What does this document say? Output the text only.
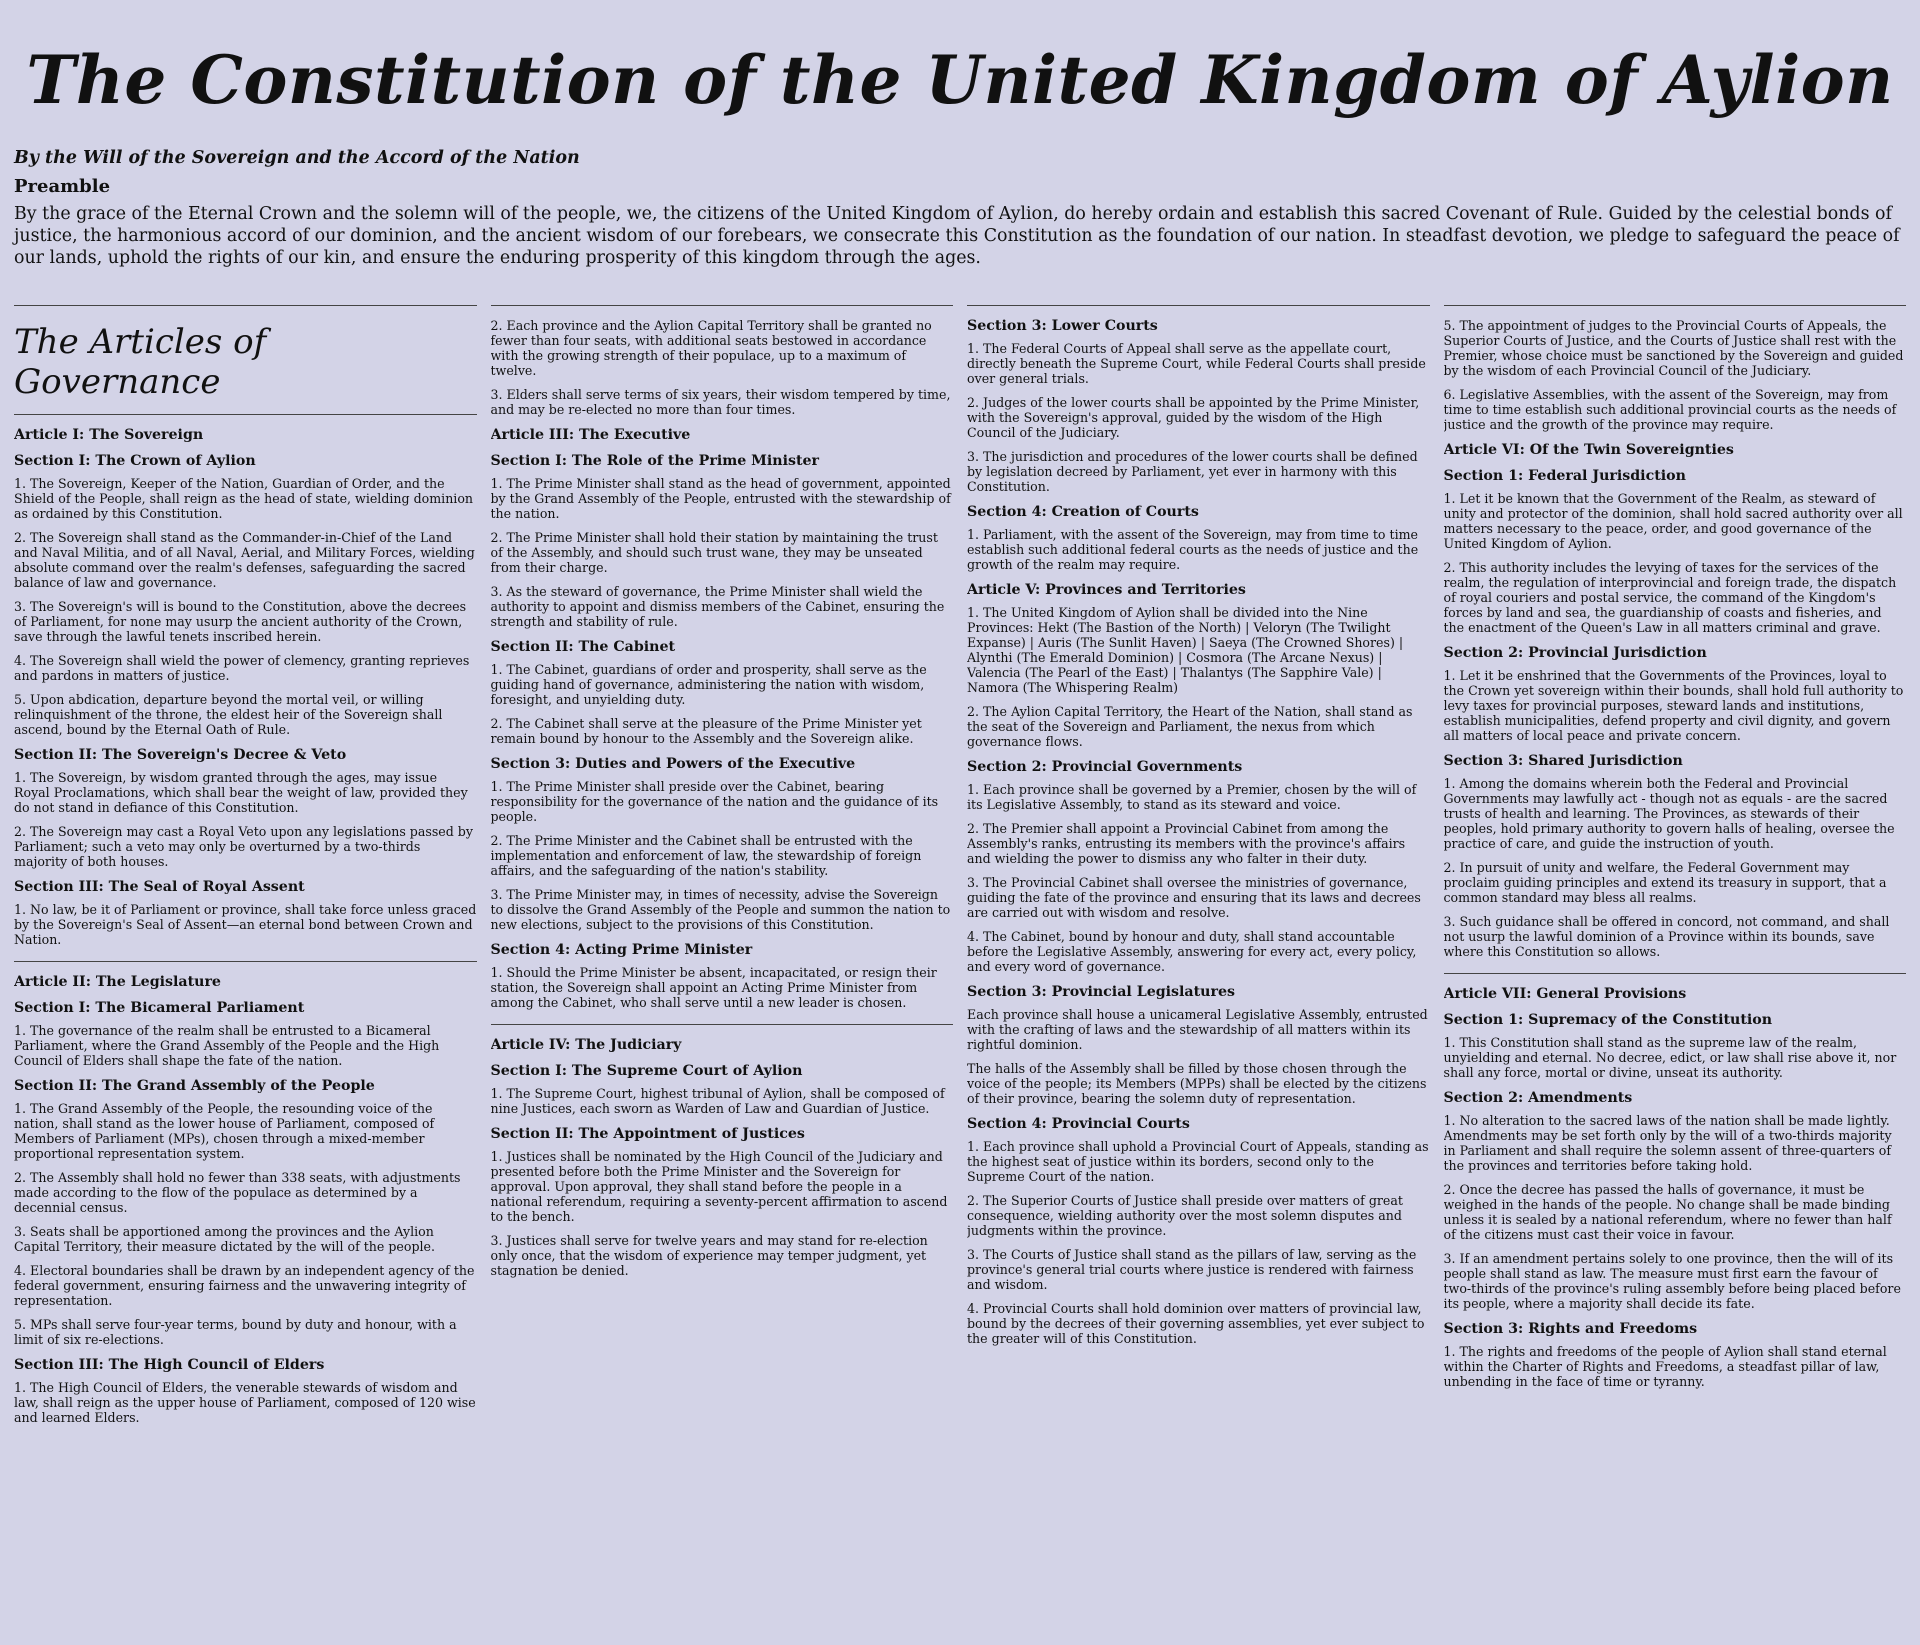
The Constitution of the United Kingdom of Aylion
By the Will of the Sovereign and the Accord of the Nation
Preamble

By the grace of the Eternal Crown and the solemn will of the people, we, the citizens of the United Kingdom of Aylion, do hereby ordain and establish this sacred Covenant of Rule. Guided by the celestial bonds of justice, the harmonious accord of our dominion, and the ancient wisdom of our forebears, we consecrate this Constitution as the foundation of our nation. In steadfast devotion, we pledge to safeguard the peace of our lands, uphold the rights of our kin, and ensure the enduring prosperity of this kingdom through the ages.

The Articles of Governance
Article I: The Sovereign
Section I: The Crown of Aylion

1. The Sovereign, Keeper of the Nation, Guardian of Order, and the Shield of the People, shall reign as the head of state, wielding dominion as ordained by this Constitution.

2. The Sovereign shall stand as the Commander-in-Chief of the Land and Naval Militia, and of all Naval, Aerial, and Military Forces, wielding absolute command over the realm's defenses, safeguarding the sacred balance of law and governance.

3. The Sovereign's will is bound to the Constitution, above the decrees of Parliament, for none may usurp the ancient authority of the Crown, save through the lawful tenets inscribed herein.

4. The Sovereign shall wield the power of clemency, granting reprieves and pardons in matters of justice.

5. Upon abdication, departure beyond the mortal veil, or willing relinquishment of the throne, the eldest heir of the Sovereign shall ascend, bound by the Eternal Oath of Rule.

Section II: The Sovereign's Decree & Veto

1. The Sovereign, by wisdom granted through the ages, may issue Royal Proclamations, which shall bear the weight of law, provided they do not stand in defiance of this Constitution.

2. The Sovereign may cast a Royal Veto upon any legislations passed by Parliament; such a veto may only be overturned by a two-thirds majority of both houses.

Section III: The Seal of Royal Assent

1. No law, be it of Parliament or province, shall take force unless graced by the Sovereign's Seal of Assent—an eternal bond between Crown and Nation.

Article II: The Legislature
Section I: The Bicameral Parliament

1. The governance of the realm shall be entrusted to a Bicameral Parliament, where the Grand Assembly of the People and the High Council of Elders shall shape the fate of the nation.

Section II: The Grand Assembly of the People

1. The Grand Assembly of the People, the resounding voice of the nation, shall stand as the lower house of Parliament, composed of Members of Parliament (MPs), chosen through a mixed-member proportional representation system.

2. The Assembly shall hold no fewer than 338 seats, with adjustments made according to the flow of the populace as determined by a decennial census.

3. Seats shall be apportioned among the provinces and the Aylion Capital Territory, their measure dictated by the will of the people.

4. Electoral boundaries shall be drawn by an independent agency of the federal government, ensuring fairness and the unwavering integrity of representation.

5. MPs shall serve four-year terms, bound by duty and honour, with a limit of six re-elections.

Section III: The High Council of Elders

1. The High Council of Elders, the venerable stewards of wisdom and law, shall reign as the upper house of Parliament, composed of 120 wise and learned Elders.

2. Each province and the Aylion Capital Territory shall be granted no fewer than four seats, with additional seats bestowed in accordance with the growing strength of their populace, up to a maximum of twelve.

3. Elders shall serve terms of six years, their wisdom tempered by time, and may be re-elected no more than four times.

Article III: The Executive
Section I: The Role of the Prime Minister

1. The Prime Minister shall stand as the head of government, appointed by the Grand Assembly of the People, entrusted with the stewardship of the nation.

2. The Prime Minister shall hold their station by maintaining the trust of the Assembly, and should such trust wane, they may be unseated from their charge.

3. As the steward of governance, the Prime Minister shall wield the authority to appoint and dismiss members of the Cabinet, ensuring the strength and stability of rule.

Section II: The Cabinet

1. The Cabinet, guardians of order and prosperity, shall serve as the guiding hand of governance, administering the nation with wisdom, foresight, and unyielding duty.

2. The Cabinet shall serve at the pleasure of the Prime Minister yet remain bound by honour to the Assembly and the Sovereign alike.

Section 3: Duties and Powers of the Executive

1. The Prime Minister shall preside over the Cabinet, bearing responsibility for the governance of the nation and the guidance of its people.

2. The Prime Minister and the Cabinet shall be entrusted with the implementation and enforcement of law, the stewardship of foreign affairs, and the safeguarding of the nation's stability.

3. The Prime Minister may, in times of necessity, advise the Sovereign to dissolve the Grand Assembly of the People and summon the nation to new elections, subject to the provisions of this Constitution.

Section 4: Acting Prime Minister

1. Should the Prime Minister be absent, incapacitated, or resign their station, the Sovereign shall appoint an Acting Prime Minister from among the Cabinet, who shall serve until a new leader is chosen.

Article IV: The Judiciary
Section I: The Supreme Court of Aylion

1. The Supreme Court, highest tribunal of Aylion, shall be composed of nine Justices, each sworn as Warden of Law and Guardian of Justice.

Section II: The Appointment of Justices

1. Justices shall be nominated by the High Council of the Judiciary and presented before both the Prime Minister and the Sovereign for approval. Upon approval, they shall stand before the people in a national referendum, requiring a seventy-percent affirmation to ascend to the bench.

3. Justices shall serve for twelve years and may stand for re-election only once, that the wisdom of experience may temper judgment, yet stagnation be denied.

Section 3: Lower Courts

1. The Federal Courts of Appeal shall serve as the appellate court, directly beneath the Supreme Court, while Federal Courts shall preside over general trials.

2. Judges of the lower courts shall be appointed by the Prime Minister, with the Sovereign's approval, guided by the wisdom of the High Council of the Judiciary.

3. The jurisdiction and procedures of the lower courts shall be defined by legislation decreed by Parliament, yet ever in harmony with this Constitution.

Section 4: Creation of Courts

1. Parliament, with the assent of the Sovereign, may from time to time establish such additional federal courts as the needs of justice and the growth of the realm may require.

Article V: Provinces and Territories

1. The United Kingdom of Aylion shall be divided into the Nine Provinces: Hekt (The Bastion of the North) | Veloryn (The Twilight Expanse) | Auris (The Sunlit Haven) | Saeya (The Crowned Shores) | Alynthi (The Emerald Dominion) | Cosmora (The Arcane Nexus) | Valencia (The Pearl of the East) | Thalantys (The Sapphire Vale) | Namora (The Whispering Realm)

2. The Aylion Capital Territory, the Heart of the Nation, shall stand as the seat of the Sovereign and Parliament, the nexus from which governance flows.

Section 2: Provincial Governments

1. Each province shall be governed by a Premier, chosen by the will of its Legislative Assembly, to stand as its steward and voice.

2. The Premier shall appoint a Provincial Cabinet from among the Assembly's ranks, entrusting its members with the province's affairs and wielding the power to dismiss any who falter in their duty.

3. The Provincial Cabinet shall oversee the ministries of governance, guiding the fate of the province and ensuring that its laws and decrees are carried out with wisdom and resolve.

4. The Cabinet, bound by honour and duty, shall stand accountable before the Legislative Assembly, answering for every act, every policy, and every word of governance.

Section 3: Provincial Legislatures

Each province shall house a unicameral Legislative Assembly, entrusted with the crafting of laws and the stewardship of all matters within its rightful dominion.

The halls of the Assembly shall be filled by those chosen through the voice of the people; its Members (MPPs) shall be elected by the citizens of their province, bearing the solemn duty of representation.

Section 4: Provincial Courts

1. Each province shall uphold a Provincial Court of Appeals, standing as the highest seat of justice within its borders, second only to the Supreme Court of the nation.

2. The Superior Courts of Justice shall preside over matters of great consequence, wielding authority over the most solemn disputes and judgments within the province.

3. The Courts of Justice shall stand as the pillars of law, serving as the province's general trial courts where justice is rendered with fairness and wisdom.

4. Provincial Courts shall hold dominion over matters of provincial law, bound by the decrees of their governing assemblies, yet ever subject to the greater will of this Constitution.

5. The appointment of judges to the Provincial Courts of Appeals, the Superior Courts of Justice, and the Courts of Justice shall rest with the Premier, whose choice must be sanctioned by the Sovereign and guided by the wisdom of each Provincial Council of the Judiciary.

6. Legislative Assemblies, with the assent of the Sovereign, may from time to time establish such additional provincial courts as the needs of justice and the growth of the province may require.

Article VI: Of the Twin Sovereignties
Section 1: Federal Jurisdiction

1. Let it be known that the Government of the Realm, as steward of unity and protector of the dominion, shall hold sacred authority over all matters necessary to the peace, order, and good governance of the United Kingdom of Aylion.

2. This authority includes the levying of taxes for the services of the realm, the regulation of interprovincial and foreign trade, the dispatch of royal couriers and postal service, the command of the Kingdom's forces by land and sea, the guardianship of coasts and fisheries, and the enactment of the Queen's Law in all matters criminal and grave.

Section 2: Provincial Jurisdiction

1. Let it be enshrined that the Governments of the Provinces, loyal to the Crown yet sovereign within their bounds, shall hold full authority to levy taxes for provincial purposes, steward lands and institutions, establish municipalities, defend property and civil dignity, and govern all matters of local peace and private concern.

Section 3: Shared Jurisdiction

1. Among the domains wherein both the Federal and Provincial Governments may lawfully act - though not as equals - are the sacred trusts of health and learning. The Provinces, as stewards of their peoples, hold primary authority to govern halls of healing, oversee the practice of care, and guide the instruction of youth.

2. In pursuit of unity and welfare, the Federal Government may proclaim guiding principles and extend its treasury in support, that a common standard may bless all realms.

3. Such guidance shall be offered in concord, not command, and shall not usurp the lawful dominion of a Province within its bounds, save where this Constitution so allows.

Article VII: General Provisions
Section 1: Supremacy of the Constitution

1. This Constitution shall stand as the supreme law of the realm, unyielding and eternal. No decree, edict, or law shall rise above it, nor shall any force, mortal or divine, unseat its authority.

Section 2: Amendments

1. No alteration to the sacred laws of the nation shall be made lightly. Amendments may be set forth only by the will of a two-thirds majority in Parliament and shall require the solemn assent of three-quarters of the provinces and territories before taking hold.

2. Once the decree has passed the halls of governance, it must be weighed in the hands of the people. No change shall be made binding unless it is sealed by a national referendum, where no fewer than half of the citizens must cast their voice in favour.

3. If an amendment pertains solely to one province, then the will of its people shall stand as law. The measure must first earn the favour of two-thirds of the province's ruling assembly before being placed before its people, where a majority shall decide its fate.

Section 3: Rights and Freedoms

1. The rights and freedoms of the people of Aylion shall stand eternal within the Charter of Rights and Freedoms, a steadfast pillar of law, unbending in the face of time or tyranny.
